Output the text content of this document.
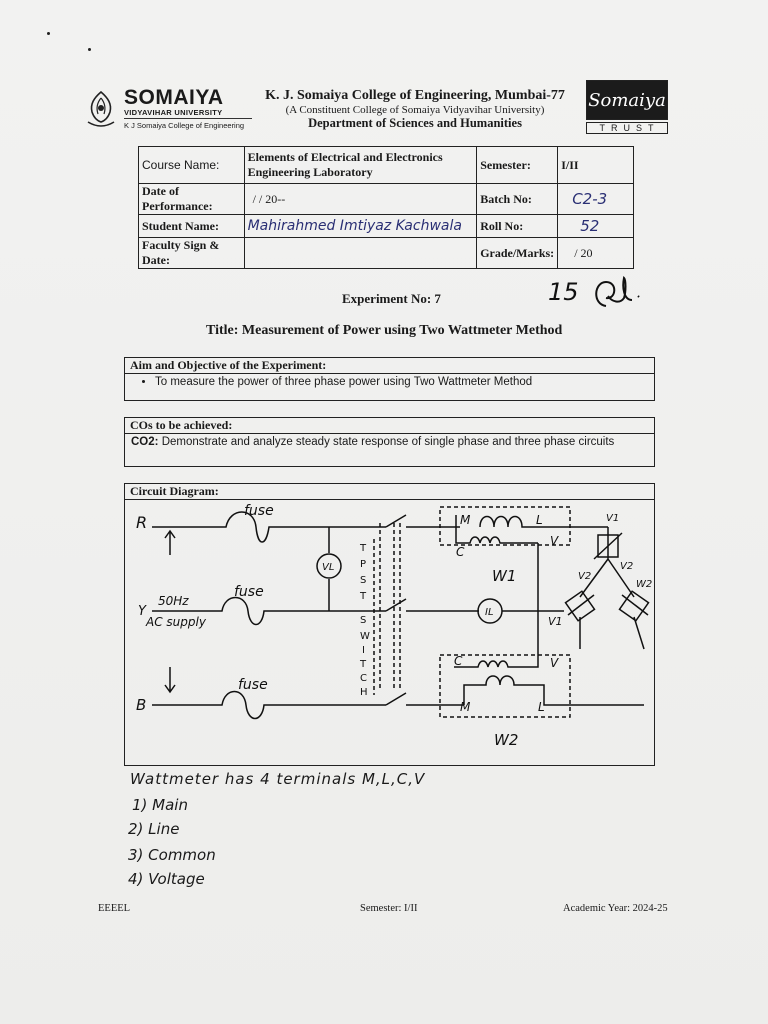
SOMAIYA
VIDYAVIHAR UNIVERSITY
K J Somaiya College of Engineering
K. J. Somaiya College of Engineering, Mumbai-77
(A Constituent College of Somaiya Vidyavihar University)
Department of Sciences and Humanities
Somaiya
TRUST
Course Name:	Elements of Electrical and Electronics Engineering Laboratory	Semester:	I/II
Date of Performance:	/ / 20--	Batch No:	C2-3
Student Name:	Mahirahmed Imtiyaz Kachwala	Roll No:	52
Faculty Sign & Date:		Grade/Marks:	/ 20
Experiment No: 7	15
Title: Measurement of Power using Two Wattmeter Method
Aim and Objective of the Experiment:
• To measure the power of three phase power using Two Wattmeter Method
COs to be achieved:
CO2: Demonstrate and analyze steady state response of single phase and three phase circuits
Circuit Diagram:
R
Y
B
fuse
fuse
fuse
50Hz
AC supply
VL
IL
T
P
S
T
S
W
I
T
C
H
M	L
C
V
W1
C	V
M	L
W2
V1
V2
V2
V1
W2
Wattmeter has 4 terminals M,L,C,V
1) Main
2) Line
3) Common
4) Voltage
EEEEL	Semester: I/II	Academic Year: 2024-25
